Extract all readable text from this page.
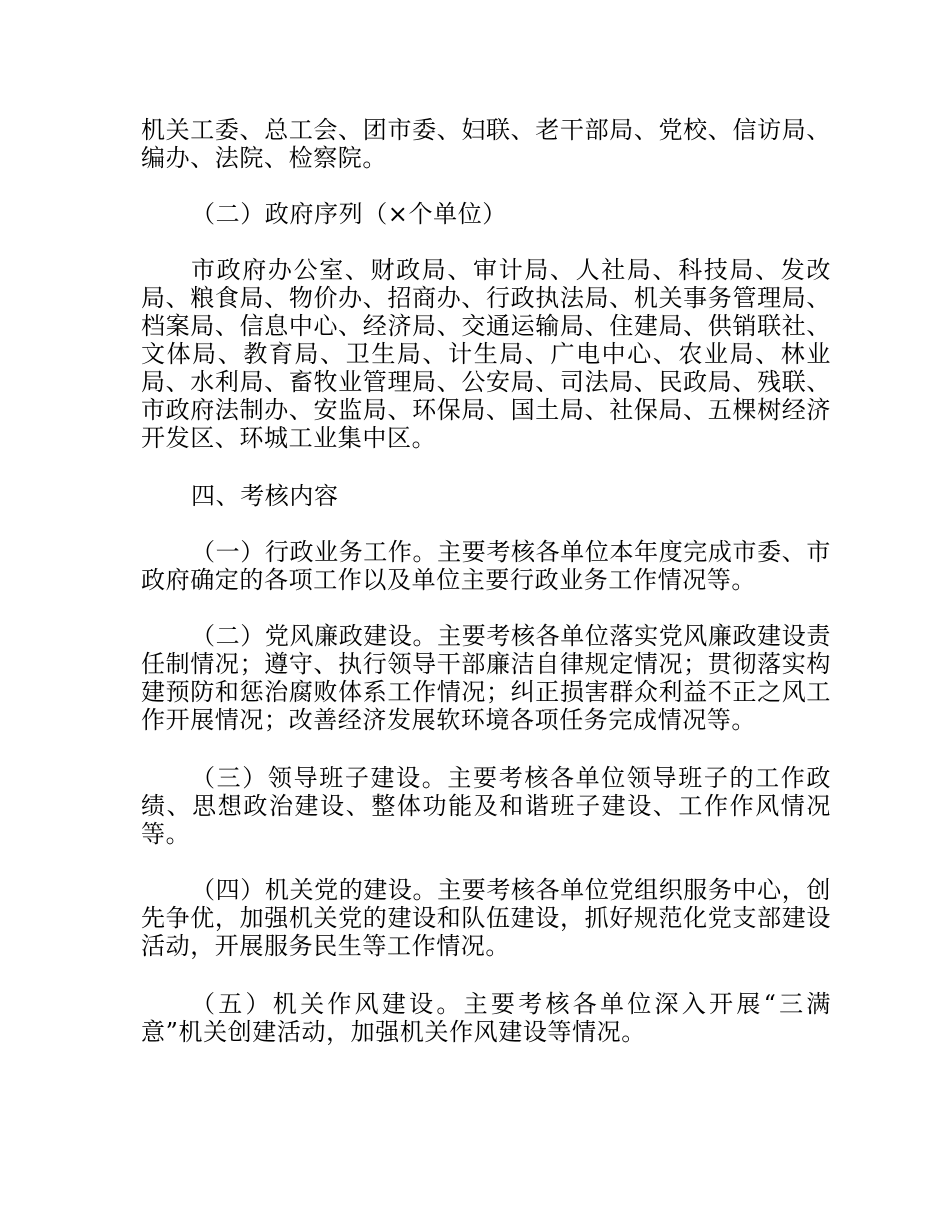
机关工委、总工会、团市委、妇联、老干部局、党校、信访局、编办、法院、检察院。

（二）政府序列（×个单位）

市政府办公室、财政局、审计局、人社局、科技局、发改局、粮食局、物价办、招商办、行政执法局、机关事务管理局、档案局、信息中心、经济局、交通运输局、住建局、供销联社、文体局、教育局、卫生局、计生局、广电中心、农业局、林业局、水利局、畜牧业管理局、公安局、司法局、民政局、残联、市政府法制办、安监局、环保局、国土局、社保局、五棵树经济开发区、环城工业集中区。

四、考核内容

（一）行政业务工作。主要考核各单位本年度完成市委、市政府确定的各项工作以及单位主要行政业务工作情况等。

（二）党风廉政建设。主要考核各单位落实党风廉政建设责任制情况；遵守、执行领导干部廉洁自律规定情况；贯彻落实构建预防和惩治腐败体系工作情况；纠正损害群众利益不正之风工作开展情况；改善经济发展软环境各项任务完成情况等。

（三）领导班子建设。主要考核各单位领导班子的工作政绩、思想政治建设、整体功能及和谐班子建设、工作作风情况等。

（四）机关党的建设。主要考核各单位党组织服务中心，创先争优，加强机关党的建设和队伍建设，抓好规范化党支部建设活动，开展服务民生等工作情况。

（五）机关作风建设。主要考核各单位深入开展“三满意”机关创建活动，加强机关作风建设等情况。
